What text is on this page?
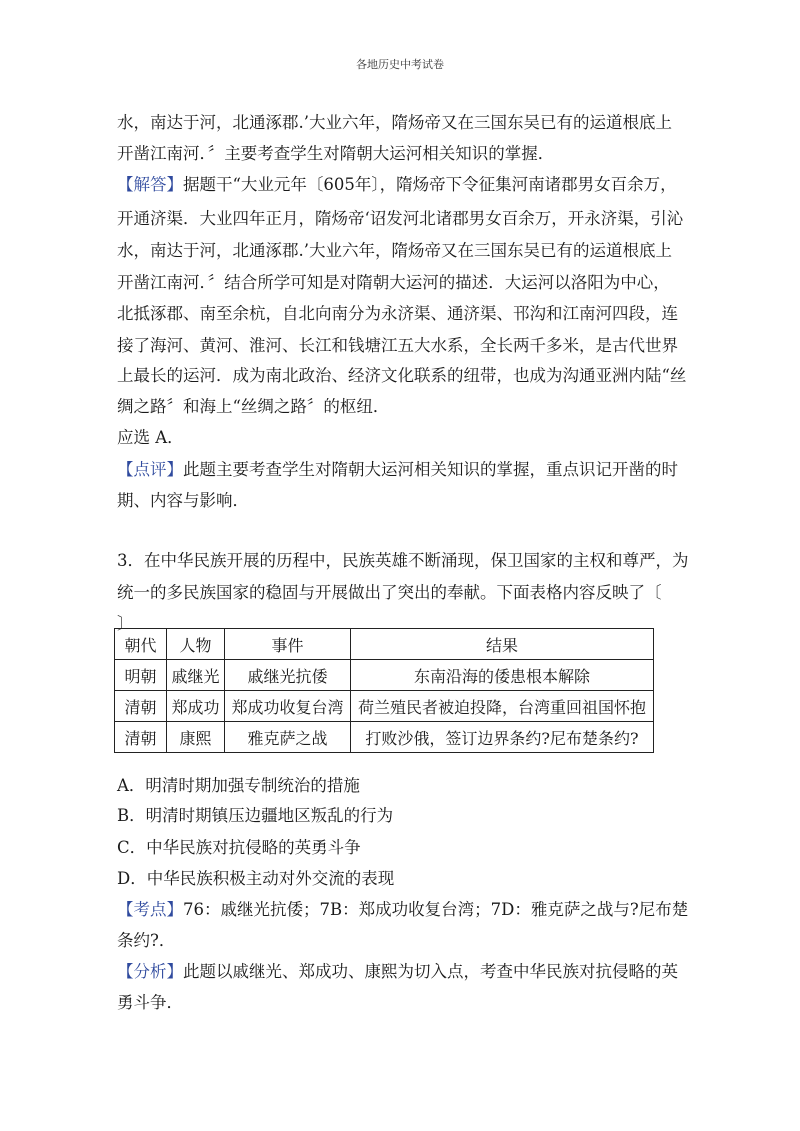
各地历史中考试卷

水，南达于河，北通涿郡.’大业六年，隋炀帝又在三国东吴已有的运道根底上

开凿江南河．〞主要考查学生对隋朝大运河相关知识的掌握．

【解答】据题干“大业元年〔605年〕，隋炀帝下令征集河南诸郡男女百余万，

开通济渠．大业四年正月，隋炀帝‘诏发河北诸郡男女百余万，开永济渠，引沁

水，南达于河，北通涿郡.’大业六年，隋炀帝又在三国东吴已有的运道根底上

开凿江南河．〞结合所学可知是对隋朝大运河的描述．大运河以洛阳为中心，

北抵涿郡、南至余杭，自北向南分为永济渠、通济渠、邗沟和江南河四段，连

接了海河、黄河、淮河、长江和钱塘江五大水系，全长两千多米，是古代世界

上最长的运河．成为南北政治、经济文化联系的纽带，也成为沟通亚洲内陆“丝

绸之路〞和海上“丝绸之路〞的枢纽．

应选 A．

【点评】此题主要考查学生对隋朝大运河相关知识的掌握，重点识记开凿的时

期、内容与影响．

3．在中华民族开展的历程中，民族英雄不断涌现，保卫国家的主权和尊严，为

统一的多民族国家的稳固与开展做出了突出的奉献。下面表格内容反映了〔

〕

A．明清时期加强专制统治的措施

B．明清时期镇压边疆地区叛乱的行为

C．中华民族对抗侵略的英勇斗争

D．中华民族积极主动对外交流的表现

【考点】76：戚继光抗倭；7B：郑成功收复台湾；7D：雅克萨之战与?尼布楚

条约?．

【分析】此题以戚继光、郑成功、康熙为切入点，考查中华民族对抗侵略的英

勇斗争．

朝代	人物	事件	结果
明朝	戚继光	戚继光抗倭	东南沿海的倭患根本解除
清朝	郑成功	郑成功收复台湾	荷兰殖民者被迫投降，台湾重回祖国怀抱
清朝	康熙	雅克萨之战	打败沙俄，签订边界条约?尼布楚条约?
